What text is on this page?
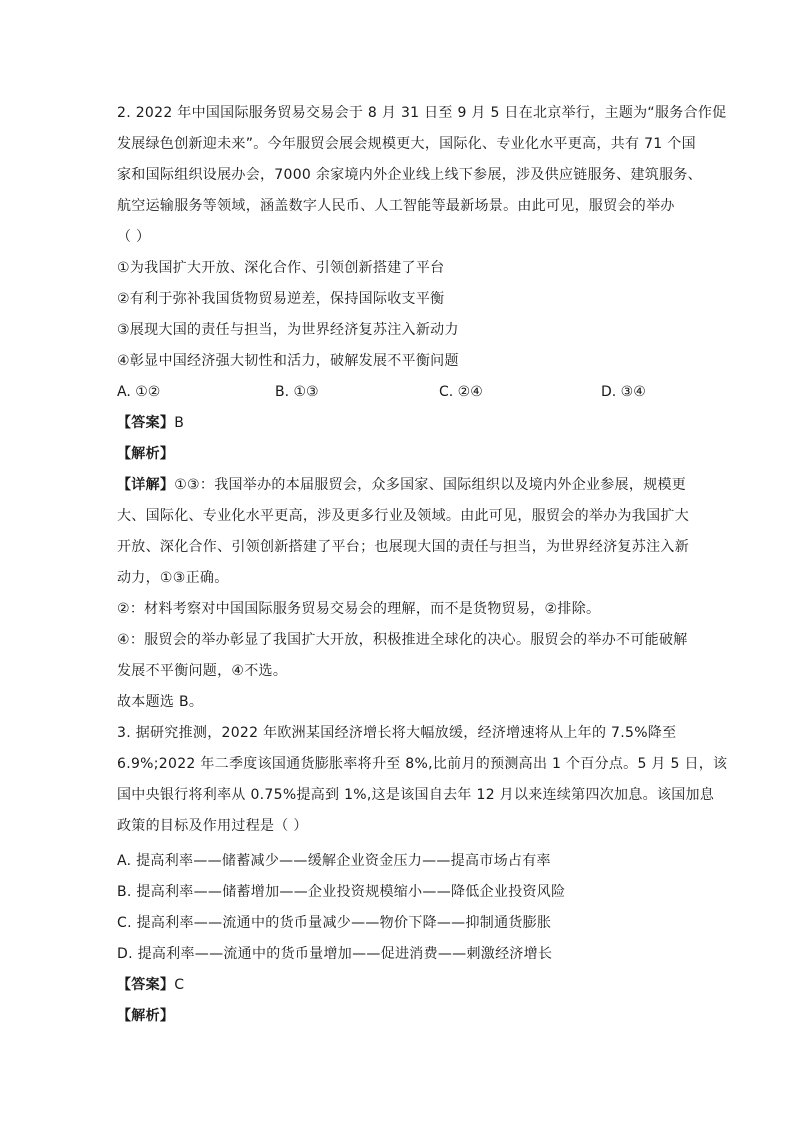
2. 2022 年中国国际服务贸易交易会于 8 月 31 日至 9 月 5 日在北京举行，主题为“服务合作促
发展绿色创新迎未来”。今年服贸会展会规模更大，国际化、专业化水平更高，共有 71 个国
家和国际组织设展办会，7000 余家境内外企业线上线下参展，涉及供应链服务、建筑服务、
航空运输服务等领域，涵盖数字人民币、人工智能等最新场景。由此可见，服贸会的举办
（ ）
①为我国扩大开放、深化合作、引领创新搭建了平台
②有利于弥补我国货物贸易逆差，保持国际收支平衡
③展现大国的责任与担当，为世界经济复苏注入新动力
④彰显中国经济强大韧性和活力，破解发展不平衡问题
A. ①②	B. ①③	C. ②④	D. ③④
【答案】B
【解析】
【详解】①③：我国举办的本届服贸会，众多国家、国际组织以及境内外企业参展，规模更
大、国际化、专业化水平更高，涉及更多行业及领域。由此可见，服贸会的举办为我国扩大
开放、深化合作、引领创新搭建了平台；也展现大国的责任与担当，为世界经济复苏注入新
动力，①③正确。
②：材料考察对中国国际服务贸易交易会的理解，而不是货物贸易，②排除。
④：服贸会的举办彰显了我国扩大开放，积极推进全球化的决心。服贸会的举办不可能破解
发展不平衡问题，④不选。
故本题选 B。
3. 据研究推测，2022 年欧洲某国经济增长将大幅放缓，经济增速将从上年的 7.5%降至
6.9%;2022 年二季度该国通货膨胀率将升至 8%,比前月的预测高出 1 个百分点。5 月 5 日，该
国中央银行将利率从 0.75%提高到 1%,这是该国自去年 12 月以来连续第四次加息。该国加息
政策的目标及作用过程是（ ）
A. 提高利率——储蓄减少——缓解企业资金压力——提高市场占有率
B. 提高利率——储蓄增加——企业投资规模缩小——降低企业投资风险
C. 提高利率——流通中的货币量减少——物价下降——抑制通货膨胀
D. 提高利率——流通中的货币量增加——促进消费——刺激经济增长
【答案】C
【解析】
